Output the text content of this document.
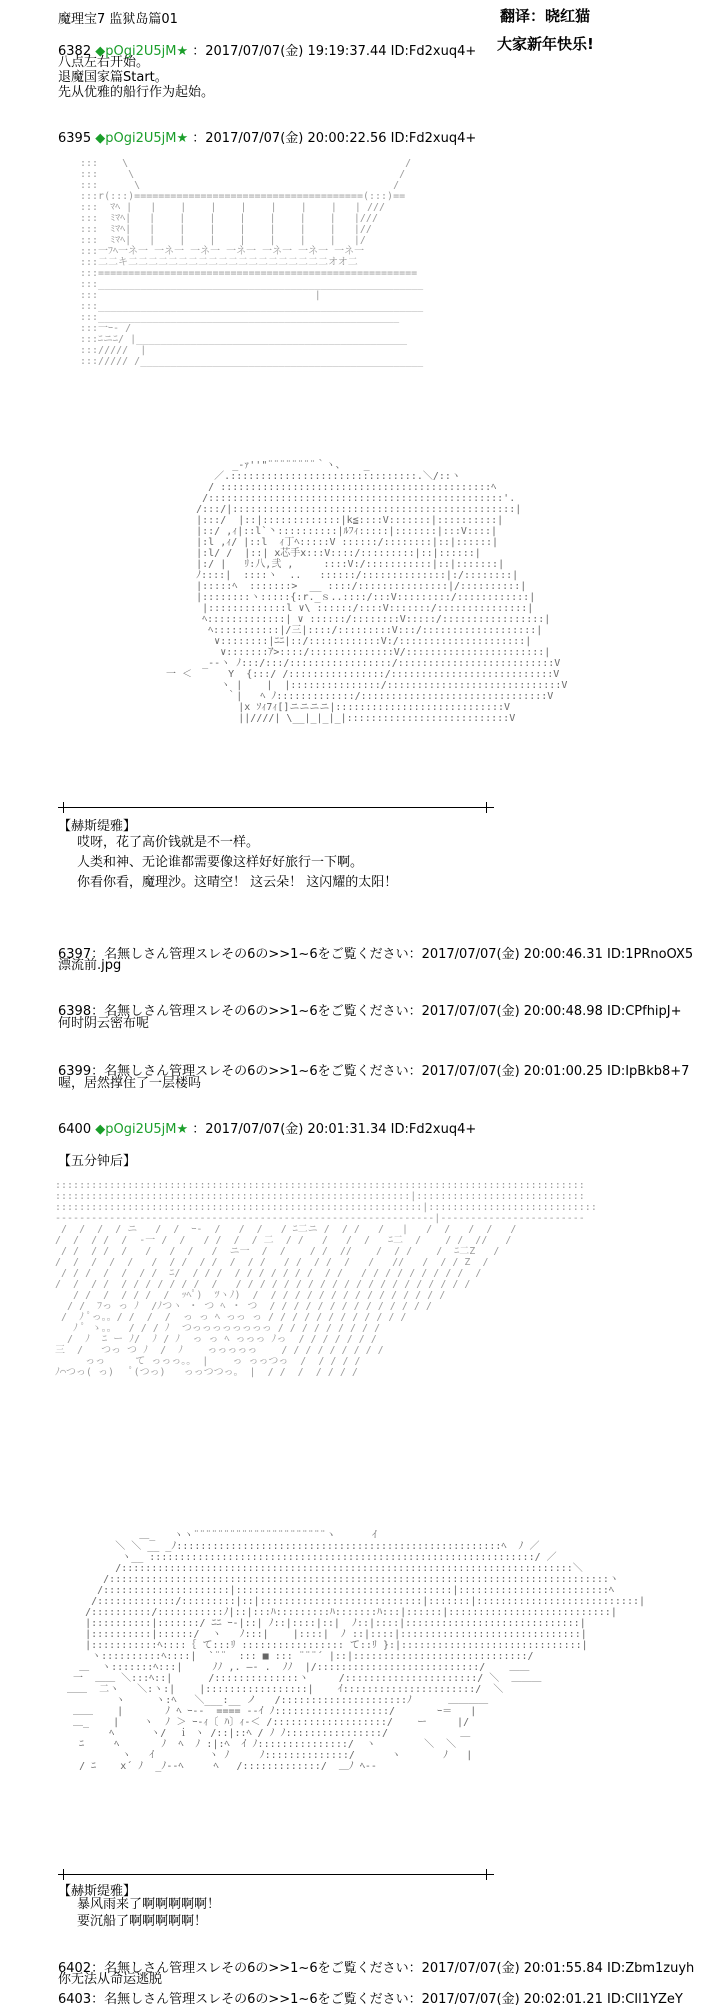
魔理宝7 监狱岛篇01	翻译：晓红猫
大家新年快乐!
6382 ◆pOgi2U5jM★ ：2017/07/07(金) 19:19:37.44 ID:Fd2xuq4+
八点左右开始。
退魔国家篇Start。
先从优雅的船行作为起始。
6395 ◆pOgi2U5jM★ ：2017/07/07(金) 20:00:22.56 ID:Fd2xuq4+
:::    \                                              /
:::     \                                            /
:::      \                                          /
:::r(:::)======================================(:::)==
:::  ﾏﾍ |   |    |    |    |    |    |    |   | ///
:::  ﾐﾏﾍ|   |    |    |    |    |    |    |   |///
:::  ﾐﾏﾍ|   |    |    |    |    |    |    |   |//
:::  ﾐﾏﾍ|   |    |    |    |    |    |    |   |/
:::一ﾌﾍ一ネ一 一ネ一 一ネ一 一ネ一 一ネ一 一ネ一 一ネ一
:::二二キ二二二二二二二二二二二二二二二二二二二二オオ二
:::=====================================================
:::______________________________________________________
:::                                    |
:::______________________________________________________
:::__________________________________________________
:::一ｰ- /
:::ﾆニﾆ/ |_____________________________________________
::://///  |
:::///// /_______________________________________________
_-ｧ''"¨¨¨¨¨¨¨¨｀ヽ、   _
／.:::::::::::::::::::::::::::::::.＼/::ヽ
/ :::::::::::::::::::::::::::::::::::::::::::::ﾍ
/:::::::::::::::::::::::::::::::::::::::::::::::::'.
/:::/|:::::::::::::::::::::::::::::::::::::::::::::::|
|:::/  |::|:::::::::::::|k≦::::V:::::::|::::::::::|
|::/ ,ｨ|::l`丶::::::::::|ﾙﾌｨ:::::|:::::::|:::V::::|
|:l ,ｨ/ |::l  ｨ丁ﾍ:::::V ::::::/::::::::|::|::::::|
|:l/ /  |::| ⅹ芯手ⅹ:::V::::/:::::::::|::|::::::|
|:/ |   ﾘ:八,弐 ,     ::::V:/:::::::::::|::|:::::::|
ﾉ::::|  ::::ヽ  ..   ::::::/::::::::::::::|:/::::::::|
|:::::ﾍ  :::::::>  __ ::::/:::::::::::::::|/::::::::::|
|::::::::ヽ:::::{:r._ｓ..::::/:::V:::::::::/::::::::::::|
|:::::::::::::l ∨\ ::::::/::::V:::::::/:::::::::::::::|
ﾍ:::::::::::::| ∨ ::::::/::::::::V:::::/:::::::::::::::::|
ﾍ:::::::::::|/三|::::/:::::::::V:::/:::::::::::::::::::|
∨::::::::|ﾆﾆ|::/::::::::::::V:/:::::::::::::::::::::|
∨:::::::ｱ>::::/::::::::::::::V/:::::::::::::::::::::::|
_-‐ヽ ﾉ:::/:::/:::::::::::::::::/::::::::::::::::::::::::::V
一 ＜      Y  {:::/ /::::::::::::::::/:::::::::::::::::::::::::::V
ヽ |    |  |:::::::::::::::/:::::::::::::::::::::::::::::V
｀|   ﾍ ﾉ:::::::::::::/:::::::::::::::::::::::::::::::V
|x ｿｨ7ｨ[]ニニニニ|::::::::::::::::::::::::::::V
||////| \__|_|_|_|:::::::::::::::::::::::::::V
【赫斯缇雅】
哎呀，花了高价钱就是不一样。
人类和神、无论谁都需要像这样好好旅行一下啊。
你看你看，魔理沙。这晴空！ 这云朵！ 这闪耀的太阳！
6397：名無しさん管理スレその6の>>1~6をご覧ください：2017/07/07(金) 20:00:46.31 ID:1PRnoOX5
漂流前.jpg
6398：名無しさん管理スレその6の>>1~6をご覧ください：2017/07/07(金) 20:00:48.98 ID:CPfhipJ+
何时阴云密布呢
6399：名無しさん管理スレその6の>>1~6をご覧ください：2017/07/07(金) 20:01:00.25 ID:IpBkb8+7
喔，居然撑住了一层楼吗
6400 ◆pOgi2U5jM★ ：2017/07/07(金) 20:01:31.34 ID:Fd2xuq4+
【五分钟后】
::::::::::::::::::::::::::::::::::::::::::::::::::::::::::::::::::::::::::::::::::::::::
:::::::::::::::::::::::::::::::::::::::::::::::::::::::::::|::::::::::::::::::::::::::::
:::::::::::::::::::::::::::::::::::::::::::::::::::::::::::::|::::::::::::::::::::::::::::
---------------------------------------------------------------|------------------------
/  /  /  / ニ   /  /  ｰ-  /   /  /   / ﾆ二ニ /  / /   /   |   /  /   /  /   /
/  /  / /  /  -一 /  /   / /  /  / 二  / /   /   /  /   ﾆ二  /    / /  //   /
/ /  / /  /   /   /  /   /  ニ一  /  /    / /  //    /  / /    /  ﾆ二Z   /
/  /  /  /  /   /  / /  / /  /  / /   / /  / /  /   /   //   /  / / Z  /
/ / /  /  /  / /  ﾆ/  / / /  / / / / / / /  / /   / / / / / / / / /  /
/  /  / /  / / / / / / /  /   / / / / / / / / / / / / / / / / / / / /
/ /  /  / / /  /  ｯﾍﾟ)  ﾂヽﾉ)  /  / / / / / / / / / / / / / / /
/ /  ﾌっ っ ﾉ  /ﾉつヽ ・ つ ﾍ ・ つ  / / / / / / / / / / / / / /
/  ﾉ ﾟっ。。/ /  /  /  っ っ ﾍ っっ っ / / / / / / / / / / / /
ﾉ ﾟ ゝ。。  / / / ﾉ  つっっっっっっっっ / / / / / / / / /
/  ﾉ  ﾆ ー ﾉ/  ﾉ / ﾉ  っ っ ﾍ っっっ ﾉっ  / / / / / / /
三  /   つっ つ ﾉ  /  ﾉ    っっっっっ    / / / / / / / / /
っっ     て っっっ。。 |    っ っっつっ  /  / / / /
ﾉ⌒つっ( っ)   ﾟ(つっ)   っっつつっ。 |  / /  /  / / / /
＿_   ヽヽ¨¨¨¨¨¨¨¨¨¨¨¨¨¨¨¨¨¨¨¨¨¨ヽ      ｲ
＼ ＼ __ _ﾉ::::::::::::::::::::::::::::::::::::::::::::::::::::::ﾍ  ﾉ ／
ヽ__ ::::::::::::::::::::::::::::::::::::::::::::::::::::::::::::::::/ ／
/:::::::::::::::::::::::::::::::::::::::::::::::::::::::::::::::::::::::::::＼
/:::::::::::::::::::::::::::::::::::::::::::::::::::::::::::::::::::::::::::::::::::ヽ
/:::::::::::::::::::::|::::::::::::::::::::::::::::::::::::|:::::::::::::::::::::::::ﾍ
/:::::::::::::/:::::::::|::|:::::::::::::::::::::::::::|:::::::|:::::::::::::::::::::::::::|
/::::::::::/:::::::::::ﾉ|::|:::ﾊ:::::::::ﾊ:::::::ﾊ:::|::::::|:::::::::::::::::::::::::::|
|::::::::::|:::::::/ ﾆﾆ ｰ-|::| ﾉ::|::::|::|  ﾉ::|::::|:::::::::::::::::::::::::::::|
|::::::::::|::::::/  ヽ   ﾉ:::|    |::::|  ﾉ ::|::::|::::::::::::::::::::::::::::::|
|:::::::::::ﾍ::::｛ て:::ﾘ ::::::::::::::::: て::ﾘ }:|::::::::::::::::::::::::::::::|
ヽ::::::::::ﾍ::::|  `¨¨  ::: ■ ::: ¨¨¨´ |::|:::::::::::::::::::::::::::::/
＿  ヽ:::::::ﾍ:::|     ﾉﾉ ,. ―- .  ﾉﾉ  |/:::::::::::::::::::::::::::/    ＿＿
一  ＿＿ ＼:::ﾍ::|      /::::::::::::::ヽ     /::::::::::::::::::::::/ ＼  ＿＿＿
＿＿  二ヽ   ＼:ヽ:|    |:::::::::::::::::|    ｲ::::::::::::::::::::::/  ＼
ヽ     ヽ:ﾍ   ＼___:__ ノ   /:::::::::::::::::::::ﾉ      ＿＿＿＿
＿＿    |       ﾉ ﾍ ｰ--  ==== ‐-ｲ ﾉ:::::::::::::::::::/       ｰ＝   |
＿_    |    ヽ  ﾉ ＞ ｰ-ｨ〔 ﾊ〕ｨ-＜ /:::::::::::::::::::/    ー     |/
ﾍ      ヽ/  ｉ ヽ /::|::ﾍ / ﾉ ﾉ::::::::::::::::/            ＿
ﾆ     ﾍ       ﾉ  ﾍ  ﾉ :|:ﾍ  ｲ ﾉ:::::::::::::::/  ヽ        ＼  ＼
ヽ   ｲ         ヽ ﾉ     ﾉ::::::::::::::/      ヽ       ﾉ   |
/ ﾆ    x´ ﾉ  _ﾉ‐-ﾍ     ﾍ   /:::::::::::::/  ＿ﾉ ﾍ‐-
【赫斯缇雅】
暴风雨来了啊啊啊啊啊！
要沉船了啊啊啊啊啊！
6402：名無しさん管理スレその6の>>1~6をご覧ください：2017/07/07(金) 20:01:55.84 ID:Zbm1zuyh
你无法从命运逃脱
6403：名無しさん管理スレその6の>>1~6をご覧ください：2017/07/07(金) 20:02:01.21 ID:CIl1YZeY
